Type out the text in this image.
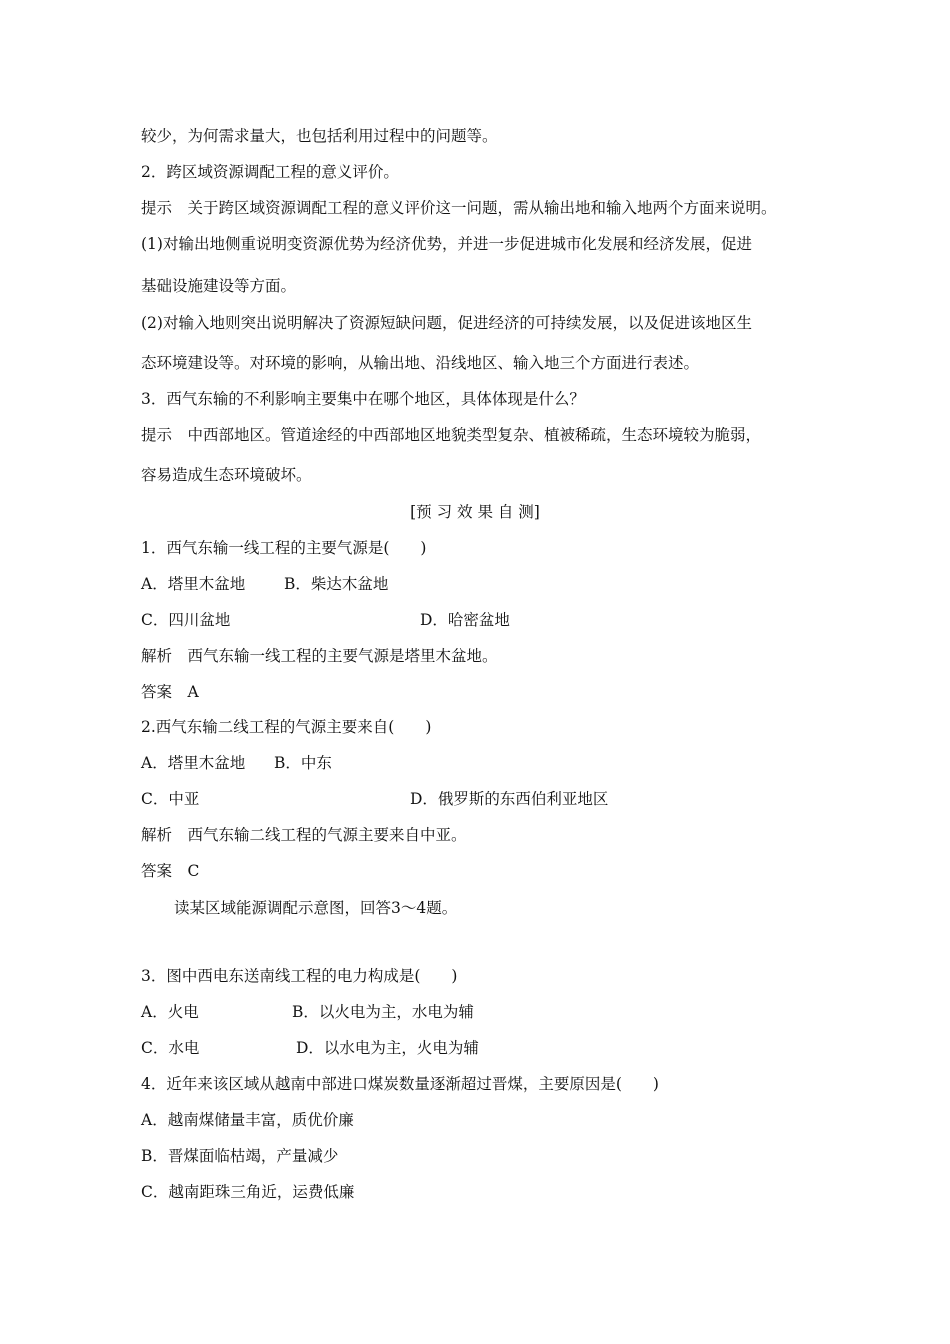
较少，为何需求量大，也包括利用过程中的问题等。
2．跨区域资源调配工程的意义评价。
提示　关于跨区域资源调配工程的意义评价这一问题，需从输出地和输入地两个方面来说明。
(1)对输出地侧重说明变资源优势为经济优势，并进一步促进城市化发展和经济发展，促进
基础设施建设等方面。
(2)对输入地则突出说明解决了资源短缺问题，促进经济的可持续发展，以及促进该地区生
态环境建设等。对环境的影响，从输出地、沿线地区、输入地三个方面进行表述。
3．西气东输的不利影响主要集中在哪个地区，具体体现是什么？
提示　中西部地区。管道途经的中西部地区地貌类型复杂、植被稀疏，生态环境较为脆弱，
容易造成生态环境破坏。
[预 习 效 果 自 测]
1．西气东输一线工程的主要气源是(　　)
A．塔里木盆地	B．柴达木盆地
C．四川盆地	D．哈密盆地
解析　西气东输一线工程的主要气源是塔里木盆地。
答案　A
2.西气东输二线工程的气源主要来自(　　)
A．塔里木盆地 B．中东
C．中亚	D．俄罗斯的东西伯利亚地区
解析　西气东输二线工程的气源主要来自中亚。
答案　C
读某区域能源调配示意图，回答3～4题。
3．图中西电东送南线工程的电力构成是(　　)
A．火电	B．以火电为主，水电为辅
C．水电	D．以水电为主，火电为辅
4．近年来该区域从越南中部进口煤炭数量逐渐超过晋煤，主要原因是(　　)
A．越南煤储量丰富，质优价廉
B．晋煤面临枯竭，产量减少
C．越南距珠三角近，运费低廉
